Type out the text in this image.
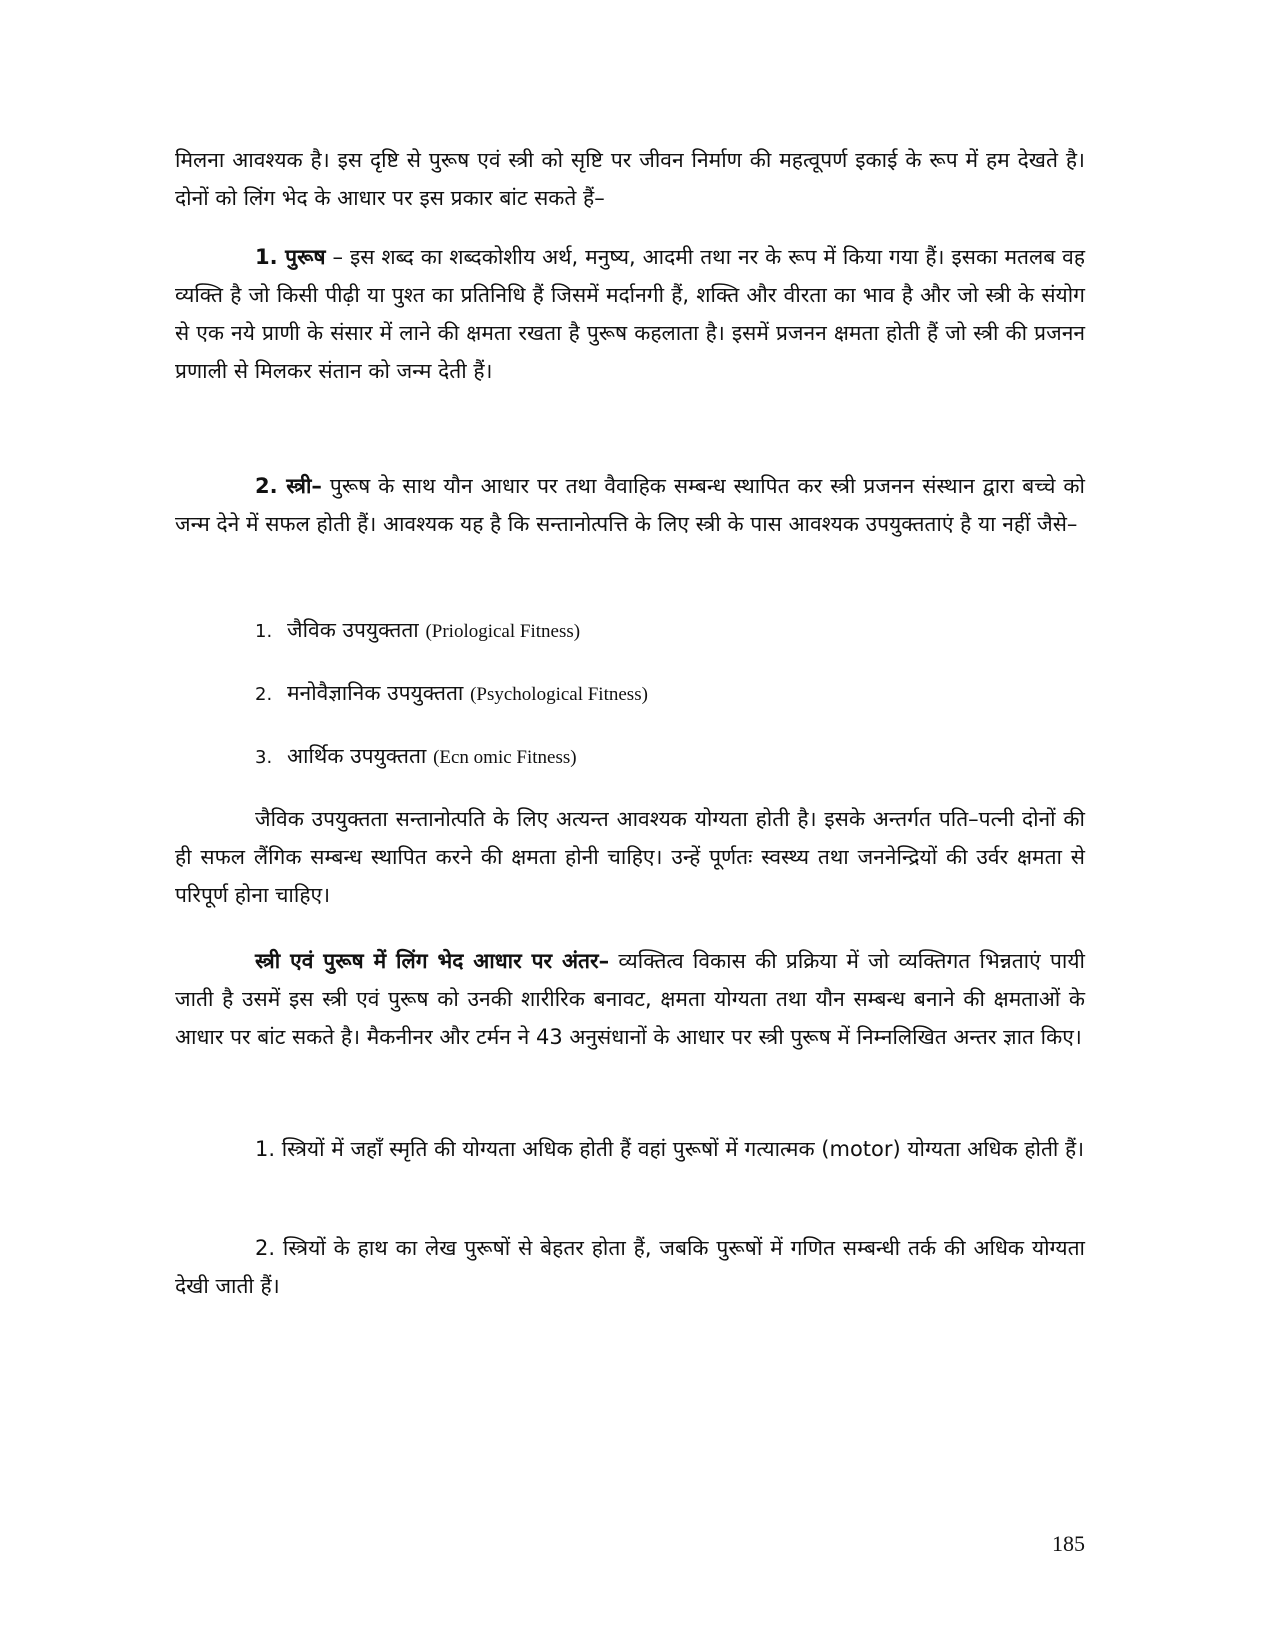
मिलना आवश्यक है। इस दृष्टि से पुरूष एवं स्त्री को सृष्टि पर जीवन निर्माण की महत्वूपर्ण इकाई के रूप में हम देखते है। दोनों को लिंग भेद के आधार पर इस प्रकार बांट सकते हैं–

1. पुरूष – इस शब्द का शब्दकोशीय अर्थ, मनुष्य, आदमी तथा नर के रूप में किया गया हैं। इसका मतलब वह व्यक्ति है जो किसी पीढ़ी या पुश्त का प्रतिनिधि हैं जिसमें मर्दानगी हैं, शक्ति और वीरता का भाव है और जो स्त्री के संयोग से एक नये प्राणी के संसार में लाने की क्षमता रखता है पुरूष कहलाता है। इसमें प्रजनन क्षमता होती हैं जो स्त्री की प्रजनन प्रणाली से मिलकर संतान को जन्म देती हैं।

2. स्त्री– पुरूष के साथ यौन आधार पर तथा वैवाहिक सम्बन्ध स्थापित कर स्त्री प्रजनन संस्थान द्वारा बच्चे को जन्म देने में सफल होती हैं। आवश्यक यह है कि सन्तानोत्पत्ति के लिए स्त्री के पास आवश्यक उपयुक्तताएं है या नहीं जैसे–

1. जैविक उपयुक्तता (Priological Fitness)
2. मनोवैज्ञानिक उपयुक्तता (Psychological Fitness)
3. आर्थिक उपयुक्तता (Ecn omic Fitness)

जैविक उपयुक्तता सन्तानोत्पति के लिए अत्यन्त आवश्यक योग्यता होती है। इसके अन्तर्गत पति–पत्नी दोनों की ही सफल लैंगिक सम्बन्ध स्थापित करने की क्षमता होनी चाहिए। उन्हें पूर्णतः स्वस्थ्य तथा जननेन्द्रियों की उर्वर क्षमता से परिपूर्ण होना चाहिए।

स्त्री एवं पुरूष में लिंग भेद आधार पर अंतर– व्यक्तित्व विकास की प्रक्रिया में जो व्यक्तिगत भिन्नताएं पायी जाती है उसमें इस स्त्री एवं पुरूष को उनकी शारीरिक बनावट, क्षमता योग्यता तथा यौन सम्बन्ध बनाने की क्षमताओं के आधार पर बांट सकते है। मैकनीनर और टर्मन ने 43 अनुसंधानों के आधार पर स्त्री पुरूष में निम्नलिखित अन्तर ज्ञात किए।

1. स्त्रियों में जहाँ स्मृति की योग्यता अधिक होती हैं वहां पुरूषों में गत्यात्मक (motor) योग्यता अधिक होती हैं।

2. स्त्रियों के हाथ का लेख पुरूषों से बेहतर होता हैं, जबकि पुरूषों में गणित सम्बन्धी तर्क की अधिक योग्यता देखी जाती हैं।

185
